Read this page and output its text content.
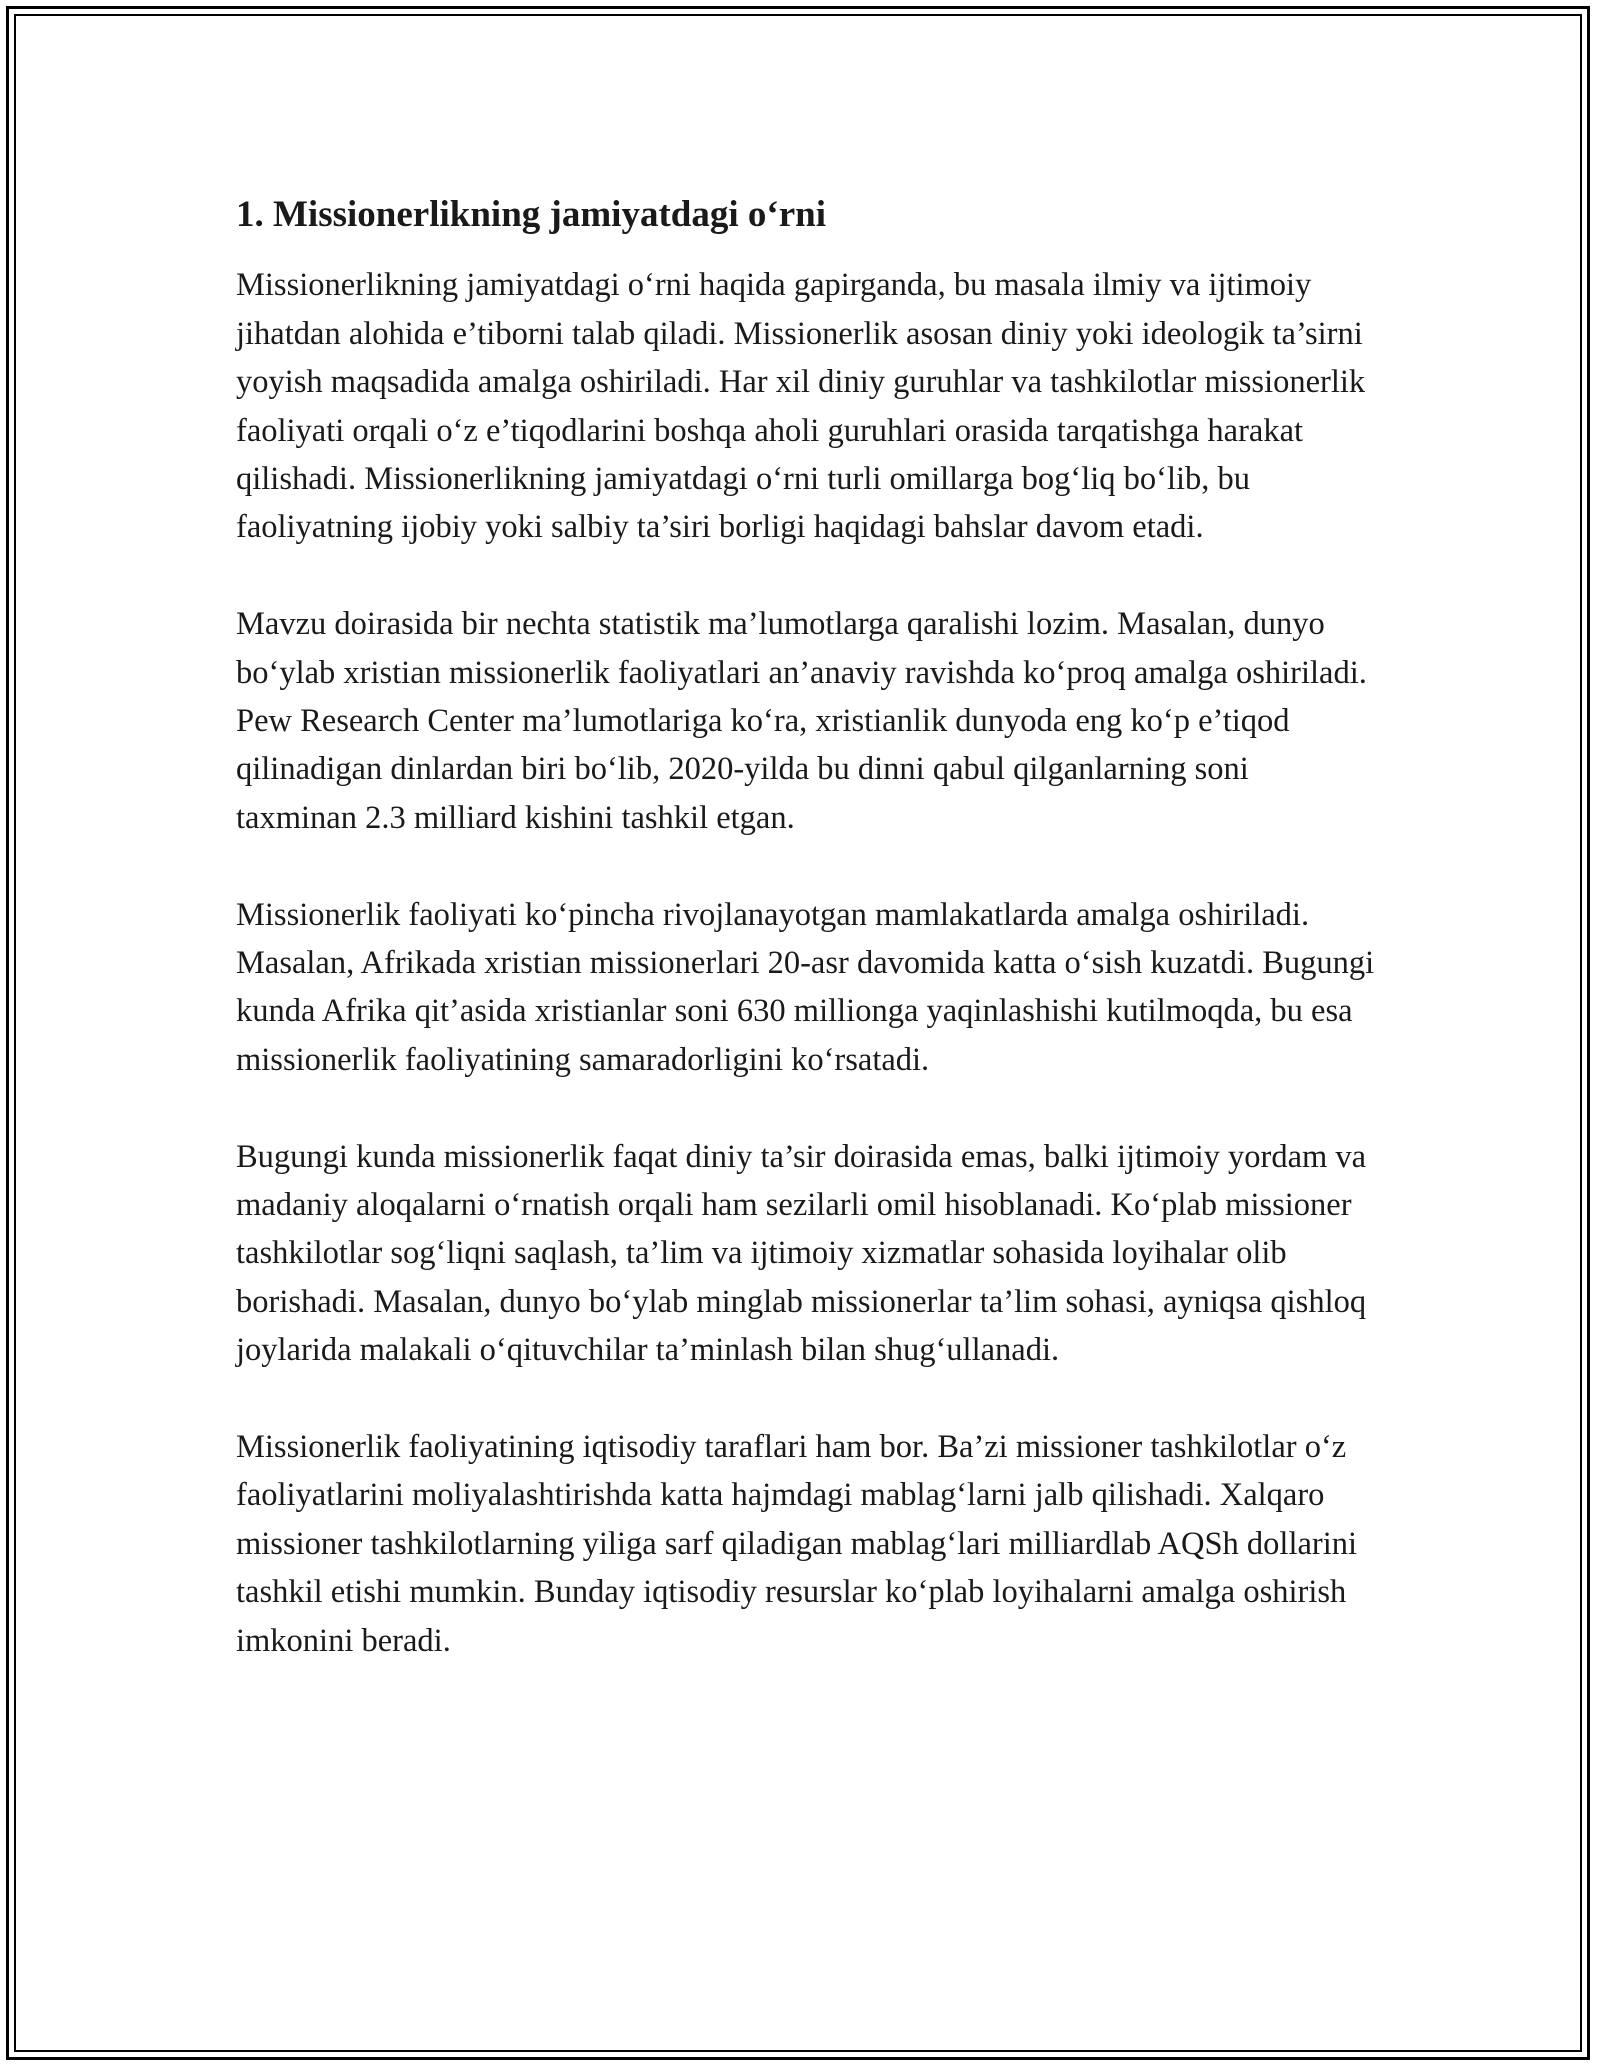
1. Missionerlikning jamiyatdagi o‘rni

Missionerlikning jamiyatdagi o‘rni haqida gapirganda, bu masala ilmiy va ijtimoiy jihatdan alohida e’tiborni talab qiladi. Missionerlik asosan diniy yoki ideologik ta’sirni yoyish maqsadida amalga oshiriladi. Har xil diniy guruhlar va tashkilotlar missionerlik faoliyati orqali o‘z e’tiqodlarini boshqa aholi guruhlari orasida tarqatishga harakat qilishadi. Missionerlikning jamiyatdagi o‘rni turli omillarga bog‘liq bo‘lib, bu faoliyatning ijobiy yoki salbiy ta’siri borligi haqidagi bahslar davom etadi.

Mavzu doirasida bir nechta statistik ma’lumotlarga qaralishi lozim. Masalan, dunyo bo‘ylab xristian missionerlik faoliyatlari an’anaviy ravishda ko‘proq amalga oshiriladi. Pew Research Center ma’lumotlariga ko‘ra, xristianlik dunyoda eng ko‘p e’tiqod qilinadigan dinlardan biri bo‘lib, 2020-yilda bu dinni qabul qilganlarning soni taxminan 2.3 milliard kishini tashkil etgan.

Missionerlik faoliyati ko‘pincha rivojlanayotgan mamlakatlarda amalga oshiriladi. Masalan, Afrikada xristian missionerlari 20-asr davomida katta o‘sish kuzatdi. Bugungi kunda Afrika qit’asida xristianlar soni 630 millionga yaqinlashishi kutilmoqda, bu esa missionerlik faoliyatining samaradorligini ko‘rsatadi.

Bugungi kunda missionerlik faqat diniy ta’sir doirasida emas, balki ijtimoiy yordam va madaniy aloqalarni o‘rnatish orqali ham sezilarli omil hisoblanadi. Ko‘plab missioner tashkilotlar sog‘liqni saqlash, ta’lim va ijtimoiy xizmatlar sohasida loyihalar olib borishadi. Masalan, dunyo bo‘ylab minglab missionerlar ta’lim sohasi, ayniqsa qishloq joylarida malakali o‘qituvchilar ta’minlash bilan shug‘ullanadi.

Missionerlik faoliyatining iqtisodiy taraflari ham bor. Ba’zi missioner tashkilotlar o‘z faoliyatlarini moliyalashtirishda katta hajmdagi mablag‘larni jalb qilishadi. Xalqaro missioner tashkilotlarning yiliga sarf qiladigan mablag‘lari milliardlab AQSh dollarini tashkil etishi mumkin. Bunday iqtisodiy resurslar ko‘plab loyihalarni amalga oshirish imkonini beradi.
